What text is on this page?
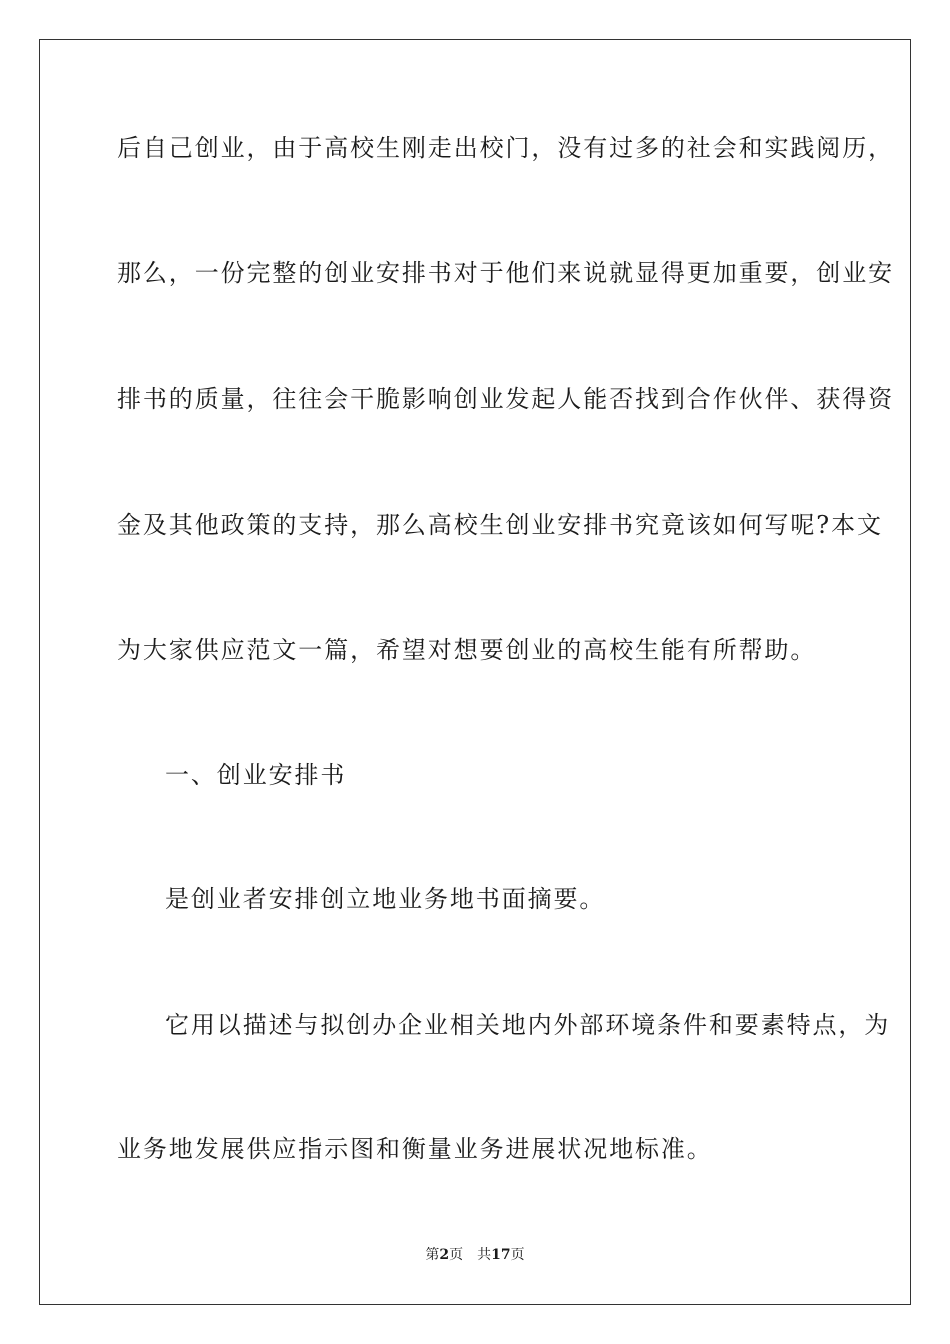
后自己创业，由于高校生刚走出校门，没有过多的社会和实践阅历，
那么，一份完整的创业安排书对于他们来说就显得更加重要，创业安
排书的质量，往往会干脆影响创业发起人能否找到合作伙伴、获得资
金及其他政策的支持，那么高校生创业安排书究竟该如何写呢?本文
为大家供应范文一篇，希望对想要创业的高校生能有所帮助。
一、创业安排书
是创业者安排创立地业务地书面摘要。
它用以描述与拟创办企业相关地内外部环境条件和要素特点，为
业务地发展供应指示图和衡量业务进展状况地标准。
第2页 共17页
